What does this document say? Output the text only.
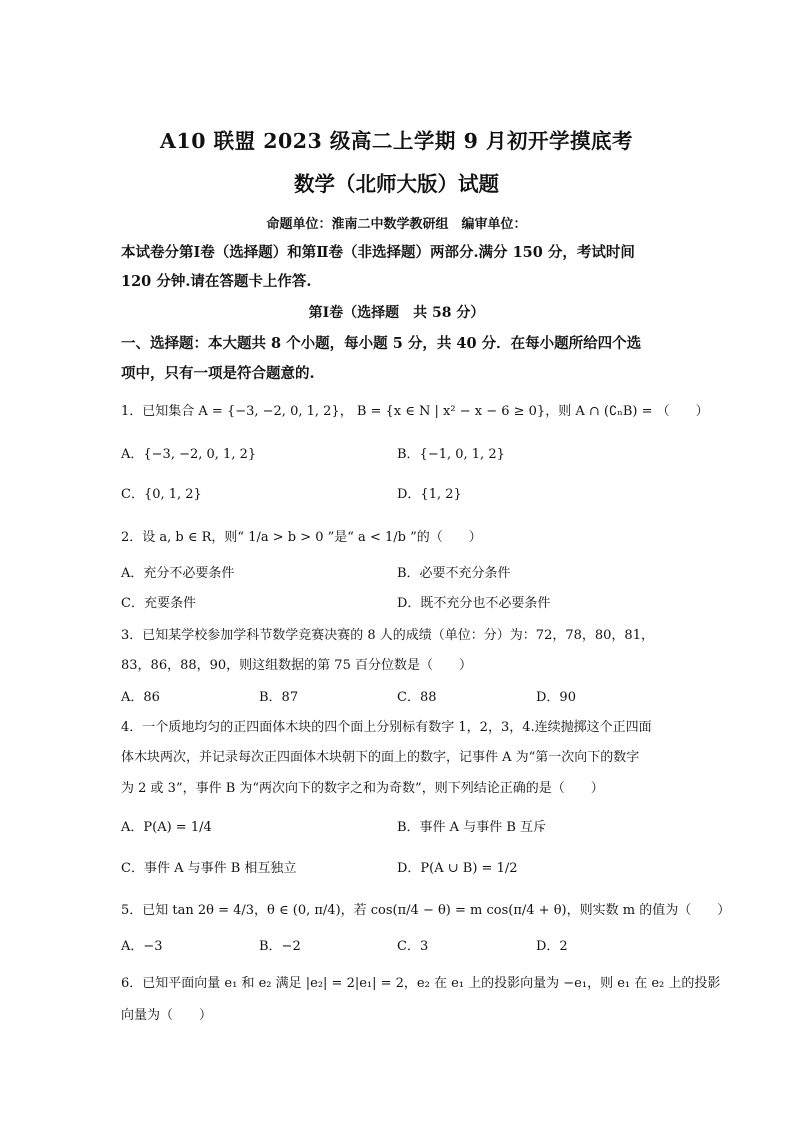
A10 联盟 2023 级高二上学期 9 月初开学摸底考
数学（北师大版）试题
命题单位：淮南二中数学教研组　编审单位：
本试卷分第Ⅰ卷（选择题）和第Ⅱ卷（非选择题）两部分.满分 150 分，考试时间
120 分钟.请在答题卡上作答.
第Ⅰ卷（选择题　共 58 分）
一、选择题：本大题共 8 个小题，每小题 5 分，共 40 分．在每小题所给四个选
项中，只有一项是符合题意的.
1．已知集合 A = {−3, −2, 0, 1, 2}， B = {x ∈ N | x² − x − 6 ≥ 0}，则 A ∩ (∁ₙB) = （　　）
A．{−3, −2, 0, 1, 2}	B．{−1, 0, 1, 2}
C．{0, 1, 2}	D．{1, 2}
2．设 a, b ∈ R，则“ 1/a > b > 0 ”是“ a < 1/b ”的（　　）
A．充分不必要条件	B．必要不充分条件
C．充要条件	D．既不充分也不必要条件
3．已知某学校参加学科节数学竞赛决赛的 8 人的成绩（单位：分）为：72，78，80，81，
83，86，88，90，则这组数据的第 75 百分位数是（　　）
A．86	B．87	C．88	D．90
4．一个质地均匀的正四面体木块的四个面上分别标有数字 1，2，3，4.连续抛掷这个正四面
体木块两次，并记录每次正四面体木块朝下的面上的数字，记事件 A 为“第一次向下的数字
为 2 或 3”，事件 B 为“两次向下的数字之和为奇数”，则下列结论正确的是（　　）
A．P(A) = 1/4	B．事件 A 与事件 B 互斥
C．事件 A 与事件 B 相互独立	D．P(A ∪ B) = 1/2
5．已知 tan 2θ = 4/3，θ ∈ (0, π/4)，若 cos(π/4 − θ) = m cos(π/4 + θ)，则实数 m 的值为（　　）
A．−3	B．−2	C．3	D．2
6．已知平面向量 e₁ 和 e₂ 满足 |e₂| = 2|e₁| = 2，e₂ 在 e₁ 上的投影向量为 −e₁，则 e₁ 在 e₂ 上的投影
向量为（　　）
